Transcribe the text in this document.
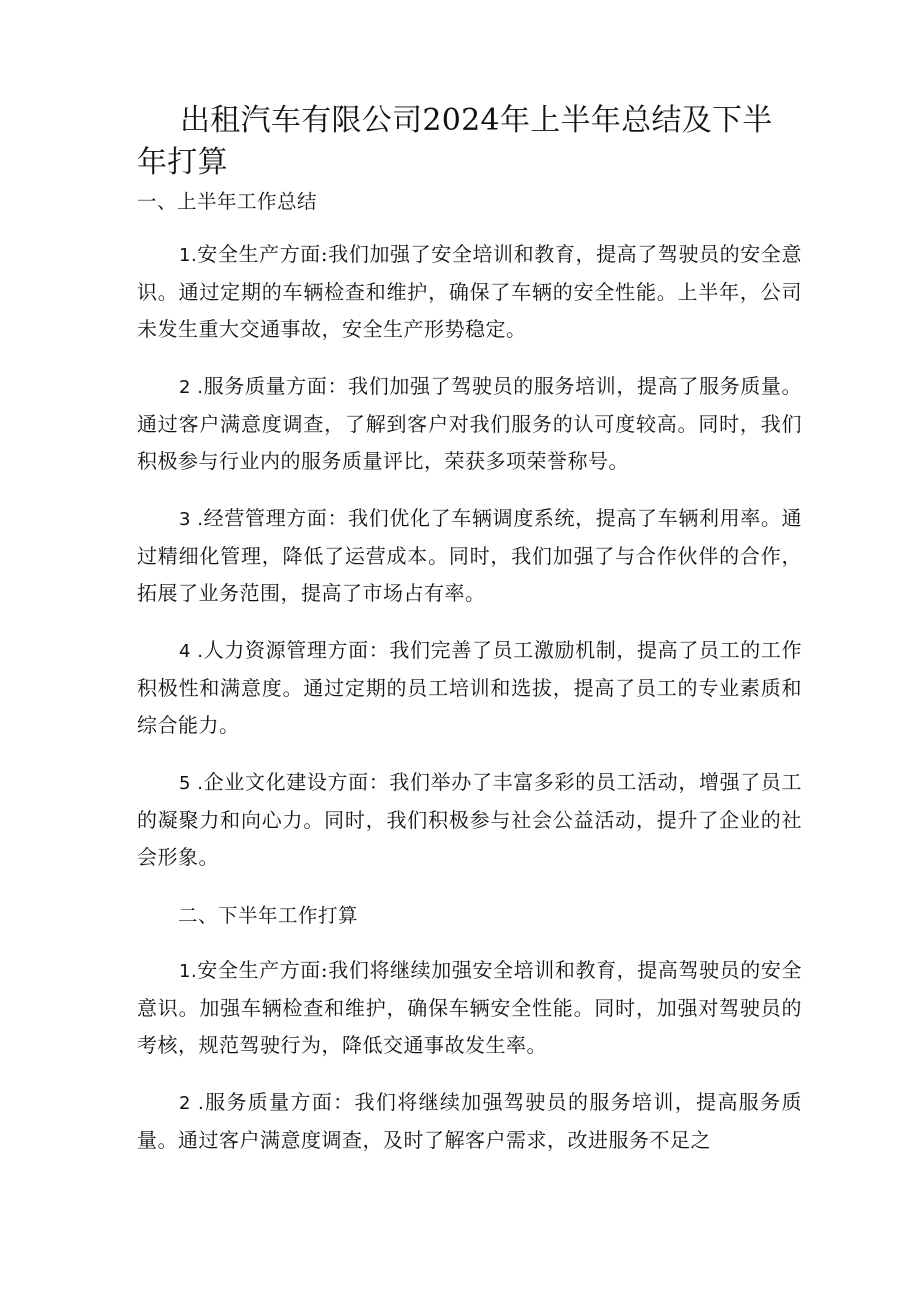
出租汽车有限公司2024年上半年总结及下半年打算
一、上半年工作总结

1.安全生产方面:我们加强了安全培训和教育，提高了驾驶员的安全意识。通过定期的车辆检查和维护，确保了车辆的安全性能。上半年，公司未发生重大交通事故，安全生产形势稳定。

2 .服务质量方面：我们加强了驾驶员的服务培训，提高了服务质量。通过客户满意度调查，了解到客户对我们服务的认可度较高。同时，我们积极参与行业内的服务质量评比，荣获多项荣誉称号。

3 .经营管理方面：我们优化了车辆调度系统，提高了车辆利用率。通过精细化管理，降低了运营成本。同时，我们加强了与合作伙伴的合作，拓展了业务范围，提高了市场占有率。

4 .人力资源管理方面：我们完善了员工激励机制，提高了员工的工作积极性和满意度。通过定期的员工培训和选拔，提高了员工的专业素质和综合能力。

5 .企业文化建设方面：我们举办了丰富多彩的员工活动，增强了员工的凝聚力和向心力。同时，我们积极参与社会公益活动，提升了企业的社会形象。

二、下半年工作打算

1.安全生产方面:我们将继续加强安全培训和教育，提高驾驶员的安全意识。加强车辆检查和维护，确保车辆安全性能。同时，加强对驾驶员的考核，规范驾驶行为，降低交通事故发生率。

2 .服务质量方面：我们将继续加强驾驶员的服务培训，提高服务质量。通过客户满意度调查，及时了解客户需求，改进服务不足之
